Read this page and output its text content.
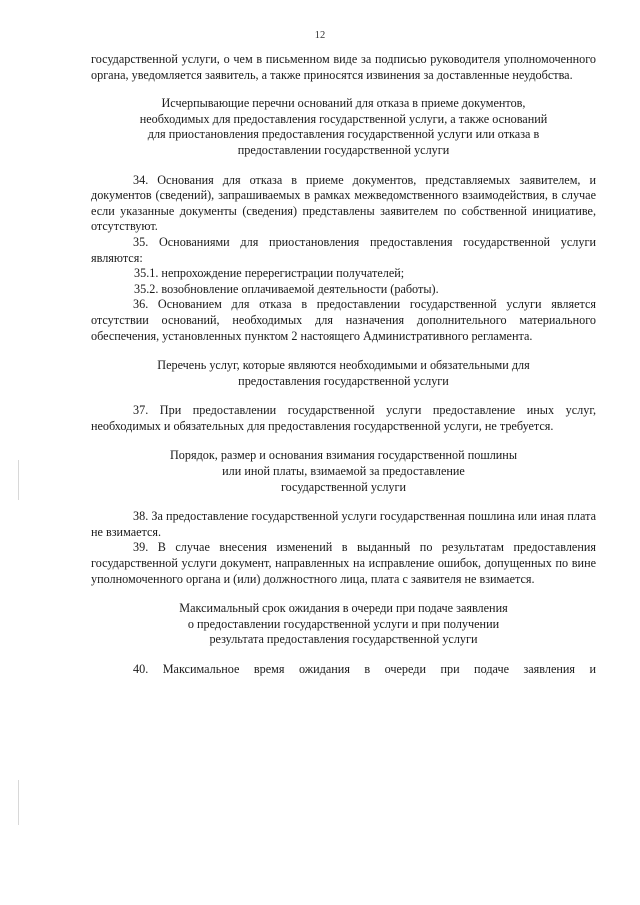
12

государственной услуги, о чем в письменном виде за подписью руководителя уполномоченного органа, уведомляется заявитель, а также приносятся извинения за доставленные неудобства.

Исчерпывающие перечни оснований для отказа в приеме документов,
необходимых для предоставления государственной услуги, а также оснований
для приостановления предоставления государственной услуги или отказа в
предоставлении государственной услуги

34. Основания для отказа в приеме документов, представляемых заявителем, и документов (сведений), запрашиваемых в рамках межведомственного взаимодействия, в случае если указанные документы (сведения) представлены заявителем по собственной инициативе, отсутствуют.

35. Основаниями для приостановления предоставления государственной услуги являются:

35.1. непрохождение перерегистрации получателей;

35.2. возобновление оплачиваемой деятельности (работы).

36. Основанием для отказа в предоставлении государственной услуги является отсутствии оснований, необходимых для назначения дополнительного материального обеспечения, установленных пунктом 2 настоящего Административного регламента.

Перечень услуг, которые являются необходимыми и обязательными для
предоставления государственной услуги

37. При предоставлении государственной услуги предоставление иных услуг, необходимых и обязательных для предоставления государственной услуги, не требуется.

Порядок, размер и основания взимания государственной пошлины
или иной платы, взимаемой за предоставление
государственной услуги

38. За предоставление государственной услуги государственная пошлина или иная плата не взимается.

39. В случае внесения изменений в выданный по результатам предоставления государственной услуги документ, направленных на исправление ошибок, допущенных по вине уполномоченного органа и (или) должностного лица, плата с заявителя не взимается.

Максимальный срок ожидания в очереди при подаче заявления
о предоставлении государственной услуги и при получении
результата предоставления государственной услуги

40. Максимальное время ожидания в очереди при подаче заявления и
